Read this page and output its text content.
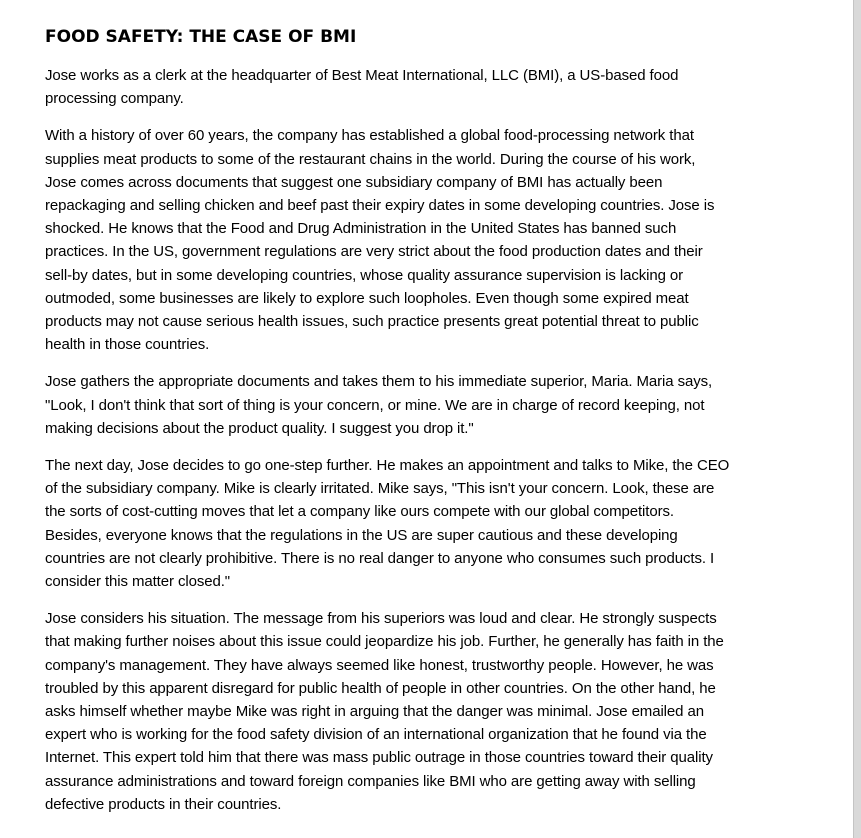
FOOD SAFETY: THE CASE OF BMI
Jose works as a clerk at the headquarter of Best Meat International, LLC (BMI), a US-based food
processing company.
With a history of over 60 years, the company has established a global food-processing network that
supplies meat products to some of the restaurant chains in the world. During the course of his work,
Jose comes across documents that suggest one subsidiary company of BMI has actually been
repackaging and selling chicken and beef past their expiry dates in some developing countries. Jose is
shocked. He knows that the Food and Drug Administration in the United States has banned such
practices. In the US, government regulations are very strict about the food production dates and their
sell-by dates, but in some developing countries, whose quality assurance supervision is lacking or
outmoded, some businesses are likely to explore such loopholes. Even though some expired meat
products may not cause serious health issues, such practice presents great potential threat to public
health in those countries.
Jose gathers the appropriate documents and takes them to his immediate superior, Maria. Maria says,
"Look, I don't think that sort of thing is your concern, or mine. We are in charge of record keeping, not
making decisions about the product quality. I suggest you drop it."
The next day, Jose decides to go one-step further. He makes an appointment and talks to Mike, the CEO
of the subsidiary company. Mike is clearly irritated. Mike says, "This isn't your concern. Look, these are
the sorts of cost-cutting moves that let a company like ours compete with our global competitors.
Besides, everyone knows that the regulations in the US are super cautious and these developing
countries are not clearly prohibitive. There is no real danger to anyone who consumes such products. I
consider this matter closed."
Jose considers his situation. The message from his superiors was loud and clear. He strongly suspects
that making further noises about this issue could jeopardize his job. Further, he generally has faith in the
company's management. They have always seemed like honest, trustworthy people. However, he was
troubled by this apparent disregard for public health of people in other countries. On the other hand, he
asks himself whether maybe Mike was right in arguing that the danger was minimal. Jose emailed an
expert who is working for the food safety division of an international organization that he found via the
Internet. This expert told him that there was mass public outrage in those countries toward their quality
assurance administrations and toward foreign companies like BMI who are getting away with selling
defective products in their countries.
